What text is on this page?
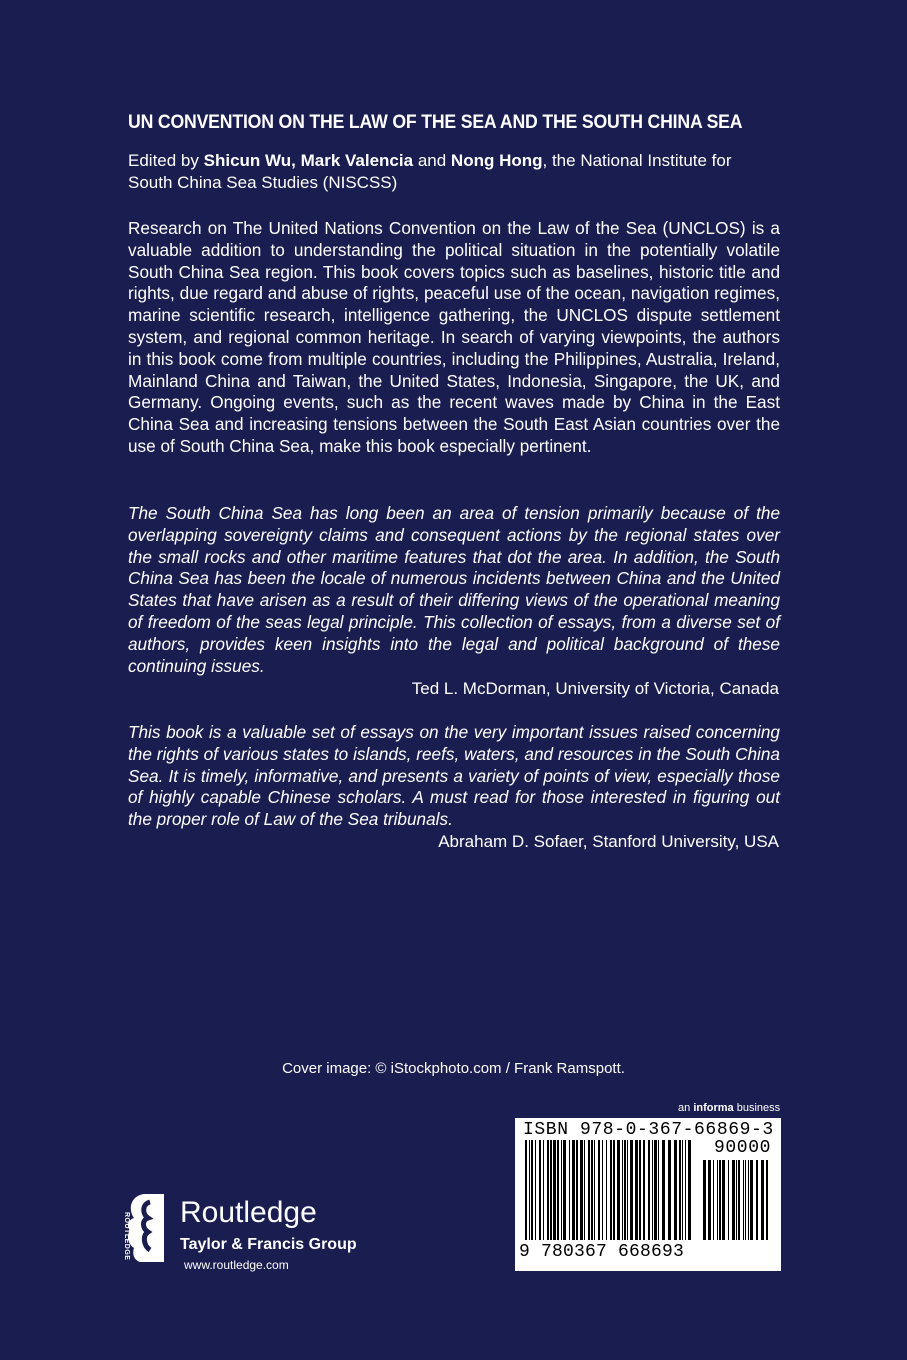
UN CONVENTION ON THE LAW OF THE SEA AND THE SOUTH CHINA SEA
Edited by Shicun Wu, Mark Valencia and Nong Hong, the National Institute for South China Sea Studies (NISCSS)
Research on The United Nations Convention on the Law of the Sea (UNCLOS) is a valuable addition to understanding the political situation in the potentially volatile South China Sea region. This book covers topics such as baselines, historic title and rights, due regard and abuse of rights, peaceful use of the ocean, navigation regimes, marine scientific research, intelligence gathering, the UNCLOS dispute settlement system, and regional common heritage. In search of varying viewpoints, the authors in this book come from multiple countries, including the Philippines, Australia, Ireland, Mainland China and Taiwan, the United States, Indonesia, Singapore, the UK, and Germany. Ongoing events, such as the recent waves made by China in the East China Sea and increasing tensions between the South East Asian countries over the use of South China Sea, make this book especially pertinent.
The South China Sea has long been an area of tension primarily because of the overlapping sovereignty claims and consequent actions by the regional states over the small rocks and other maritime features that dot the area. In addition, the South China Sea has been the locale of numerous incidents between China and the United States that have arisen as a result of their differing views of the operational meaning of freedom of the seas legal principle. This collection of essays, from a diverse set of authors, provides keen insights into the legal and political background of these continuing issues.
Ted L. McDorman, University of Victoria, Canada
This book is a valuable set of essays on the very important issues raised concerning the rights of various states to islands, reefs, waters, and resources in the South China Sea. It is timely, informative, and presents a variety of points of view, especially those of highly capable Chinese scholars. A must read for those interested in figuring out the proper role of Law of the Sea tribunals.
Abraham D. Sofaer, Stanford University, USA
Cover image: © iStockphoto.com / Frank Ramspott.
an informa business
ISBN 978-0-367-66869-3
90000
9 780367 668693
ROUTLEDGE Routledge
Taylor & Francis Group
www.routledge.com
